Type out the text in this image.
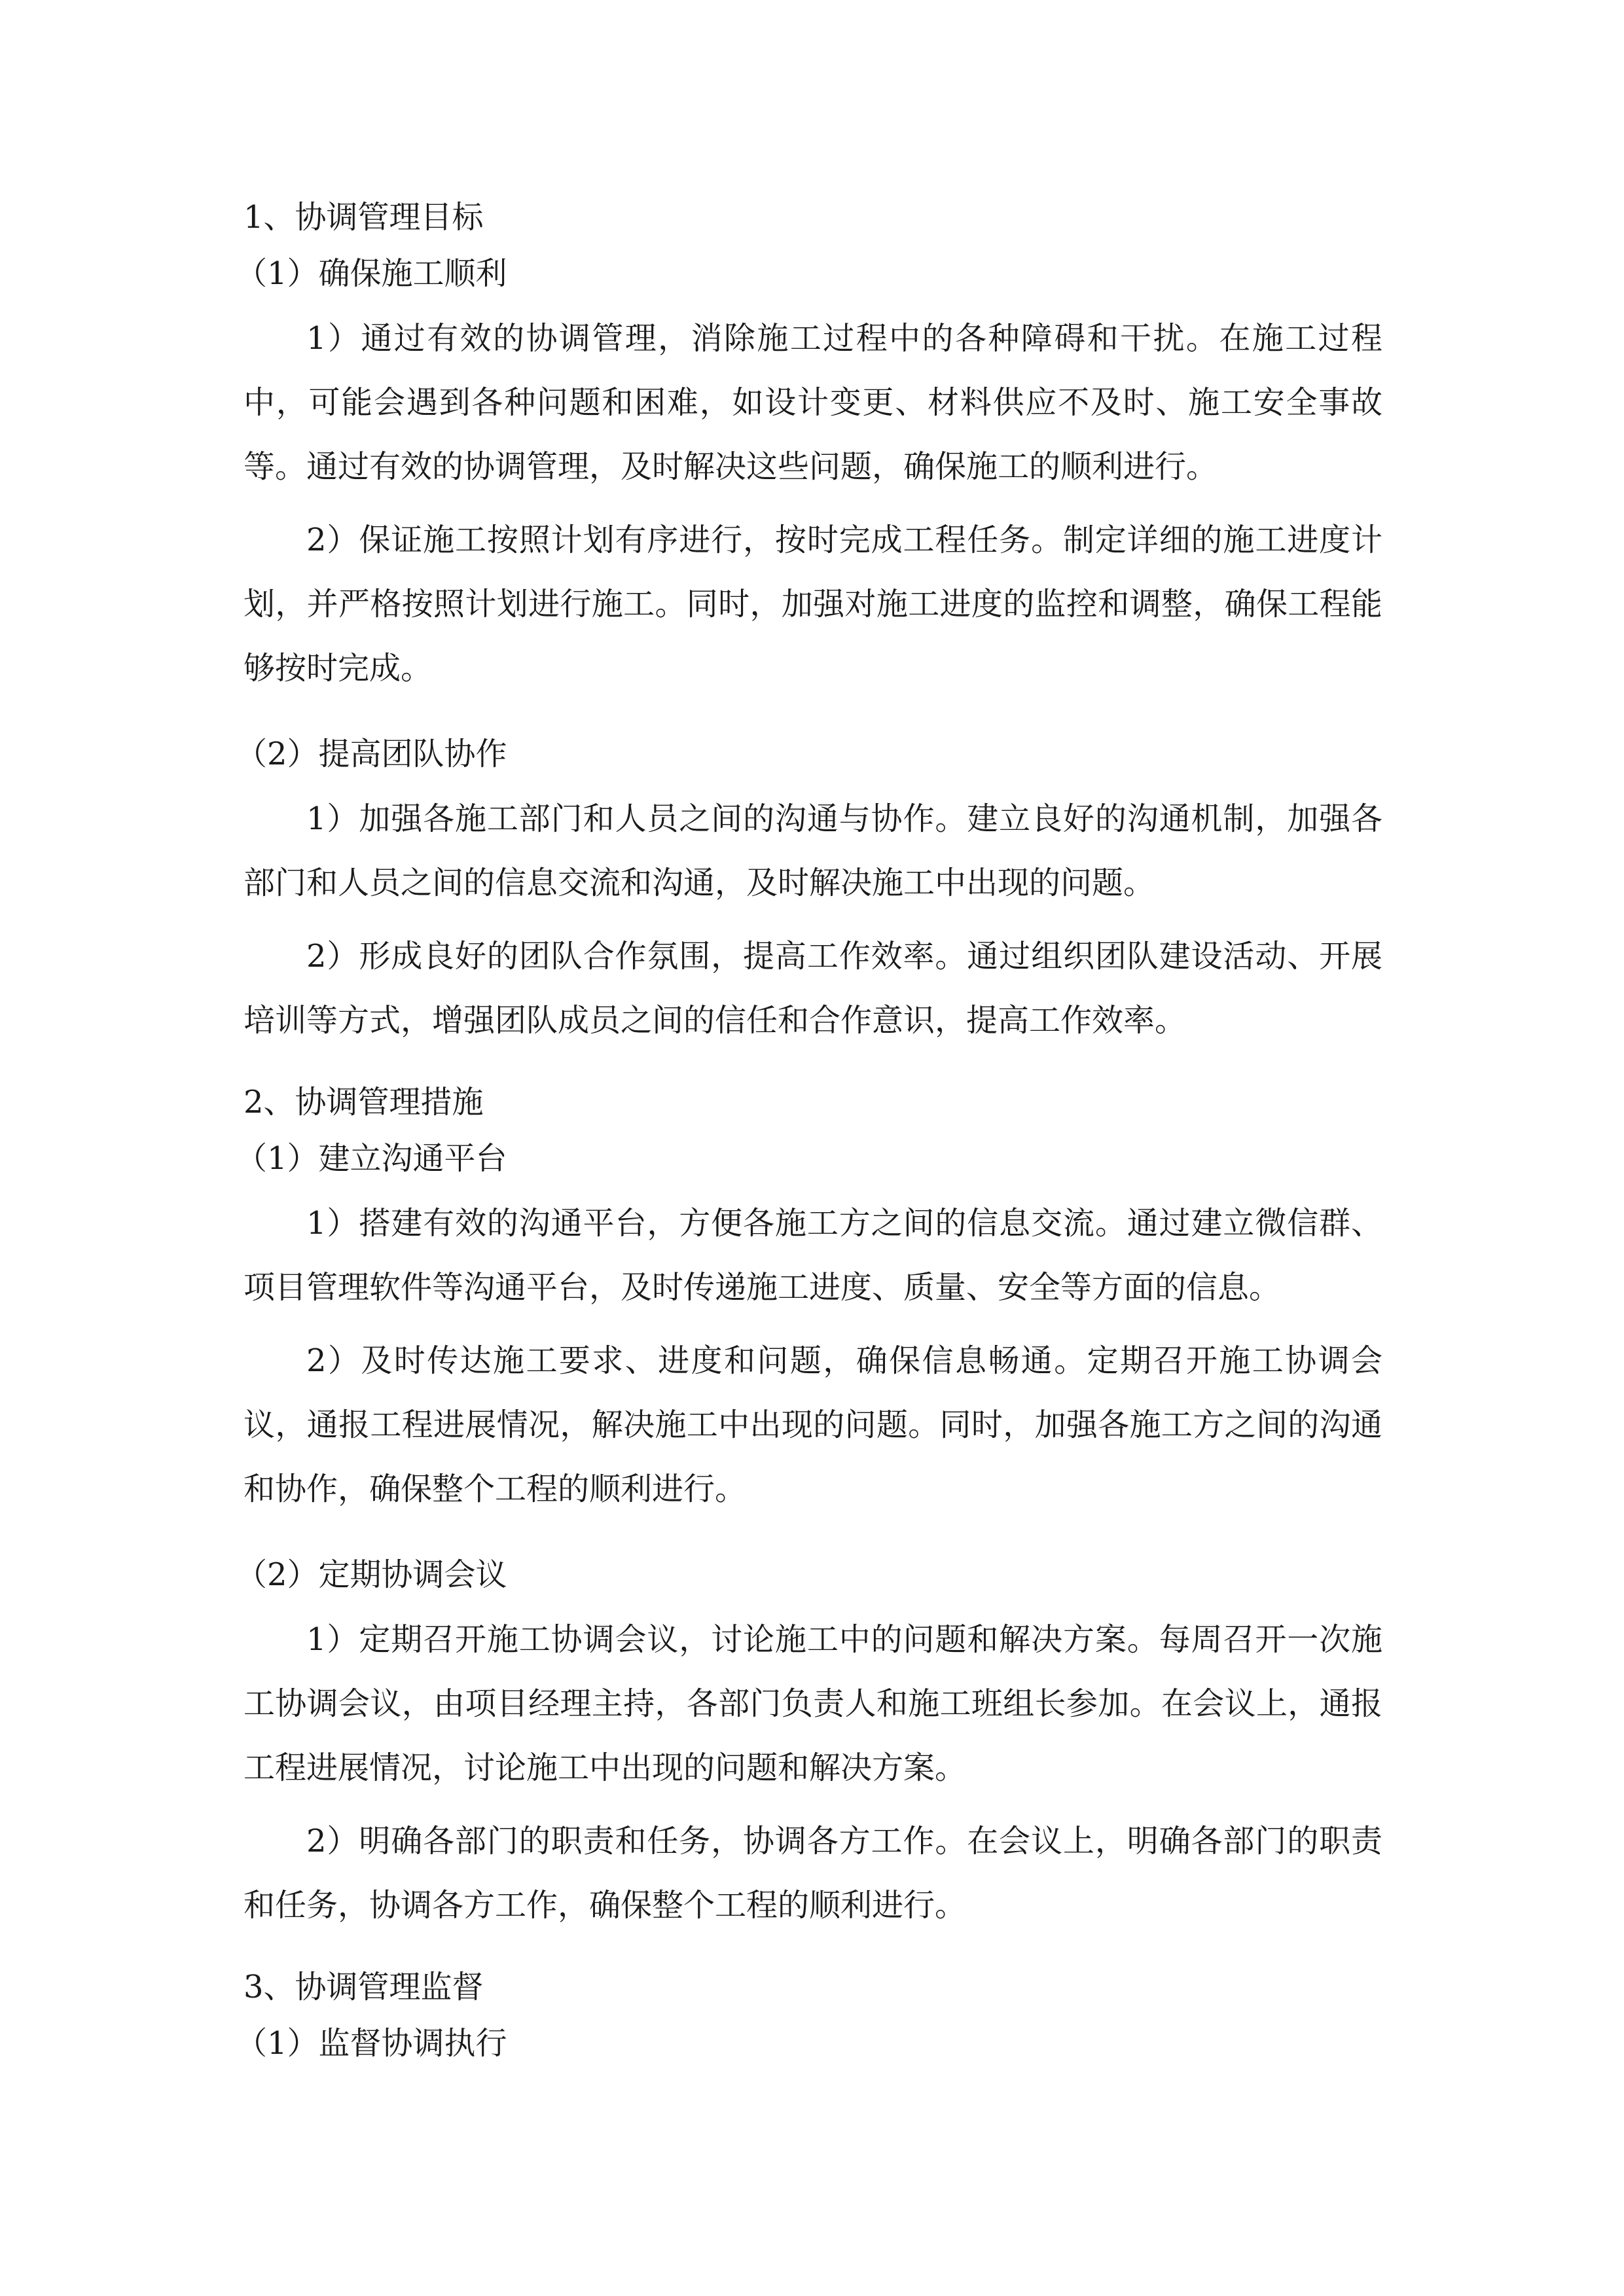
1、协调管理目标

（1）确保施工顺利

1）通过有效的协调管理，消除施工过程中的各种障碍和干扰。在施工过程中，可能会遇到各种问题和困难，如设计变更、材料供应不及时、施工安全事故等。通过有效的协调管理，及时解决这些问题，确保施工的顺利进行。

2）保证施工按照计划有序进行，按时完成工程任务。制定详细的施工进度计划，并严格按照计划进行施工。同时，加强对施工进度的监控和调整，确保工程能够按时完成。

（2）提高团队协作

1）加强各施工部门和人员之间的沟通与协作。建立良好的沟通机制，加强各部门和人员之间的信息交流和沟通，及时解决施工中出现的问题。

2）形成良好的团队合作氛围，提高工作效率。通过组织团队建设活动、开展培训等方式，增强团队成员之间的信任和合作意识，提高工作效率。

2、协调管理措施

（1）建立沟通平台

1）搭建有效的沟通平台，方便各施工方之间的信息交流。通过建立微信群、项目管理软件等沟通平台，及时传递施工进度、质量、安全等方面的信息。

2）及时传达施工要求、进度和问题，确保信息畅通。定期召开施工协调会议，通报工程进展情况，解决施工中出现的问题。同时，加强各施工方之间的沟通和协作，确保整个工程的顺利进行。

（2）定期协调会议

1）定期召开施工协调会议，讨论施工中的问题和解决方案。每周召开一次施工协调会议，由项目经理主持，各部门负责人和施工班组长参加。在会议上，通报工程进展情况，讨论施工中出现的问题和解决方案。

2）明确各部门的职责和任务，协调各方工作。在会议上，明确各部门的职责和任务，协调各方工作，确保整个工程的顺利进行。

3、协调管理监督

（1）监督协调执行
